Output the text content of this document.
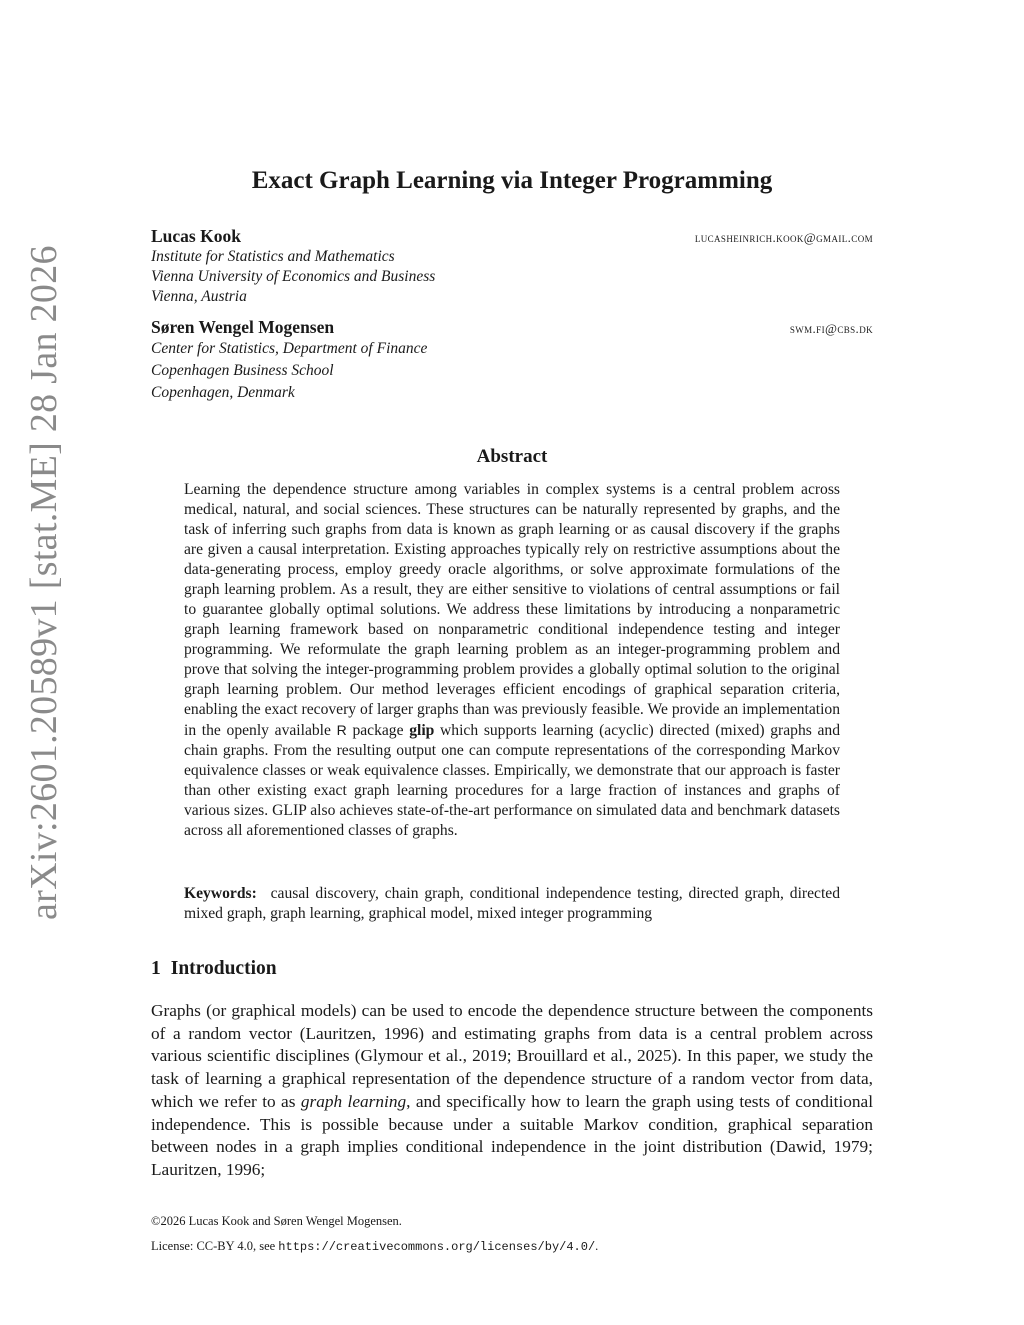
arXiv:2601.20589v1 [stat.ME] 28 Jan 2026
Exact Graph Learning via Integer Programming
Lucas Kook	lucasheinrich.kook@gmail.com
Institute for Statistics and Mathematics
Vienna University of Economics and Business
Vienna, Austria
Søren Wengel Mogensen	swm.fi@cbs.dk
Center for Statistics, Department of Finance
Copenhagen Business School
Copenhagen, Denmark
Abstract
Learning the dependence structure among variables in complex systems is a central problem across medical, natural, and social sciences. These structures can be naturally represented by graphs, and the task of inferring such graphs from data is known as graph learning or as causal discovery if the graphs are given a causal interpretation. Existing approaches typically rely on restrictive assumptions about the data-generating process, employ greedy oracle algorithms, or solve approximate formulations of the graph learning problem. As a result, they are either sensitive to violations of central assumptions or fail to guarantee globally optimal solutions. We address these limitations by introducing a nonparametric graph learning framework based on nonparametric conditional independence testing and integer programming. We reformulate the graph learning problem as an integer-programming problem and prove that solving the integer-programming problem provides a globally optimal solution to the original graph learning problem. Our method leverages efficient encodings of graphical separation criteria, enabling the exact recovery of larger graphs than was previously feasible. We provide an implementation in the openly available R package glip which supports learning (acyclic) directed (mixed) graphs and chain graphs. From the resulting output one can compute representations of the corresponding Markov equivalence classes or weak equivalence classes. Empirically, we demonstrate that our approach is faster than other existing exact graph learning procedures for a large fraction of instances and graphs of various sizes. GLIP also achieves state-of-the-art performance on simulated data and benchmark datasets across all aforementioned classes of graphs.
Keywords: causal discovery, chain graph, conditional independence testing, directed graph, directed mixed graph, graph learning, graphical model, mixed integer programming
1 Introduction
Graphs (or graphical models) can be used to encode the dependence structure between the components of a random vector (Lauritzen, 1996) and estimating graphs from data is a central problem across various scientific disciplines (Glymour et al., 2019; Brouillard et al., 2025). In this paper, we study the task of learning a graphical representation of the dependence structure of a random vector from data, which we refer to as graph learning, and specifically how to learn the graph using tests of conditional independence. This is possible because under a suitable Markov condition, graphical separation between nodes in a graph implies conditional independence in the joint distribution (Dawid, 1979; Lauritzen, 1996;
©2026 Lucas Kook and Søren Wengel Mogensen.
License: CC-BY 4.0, see https://creativecommons.org/licenses/by/4.0/.
